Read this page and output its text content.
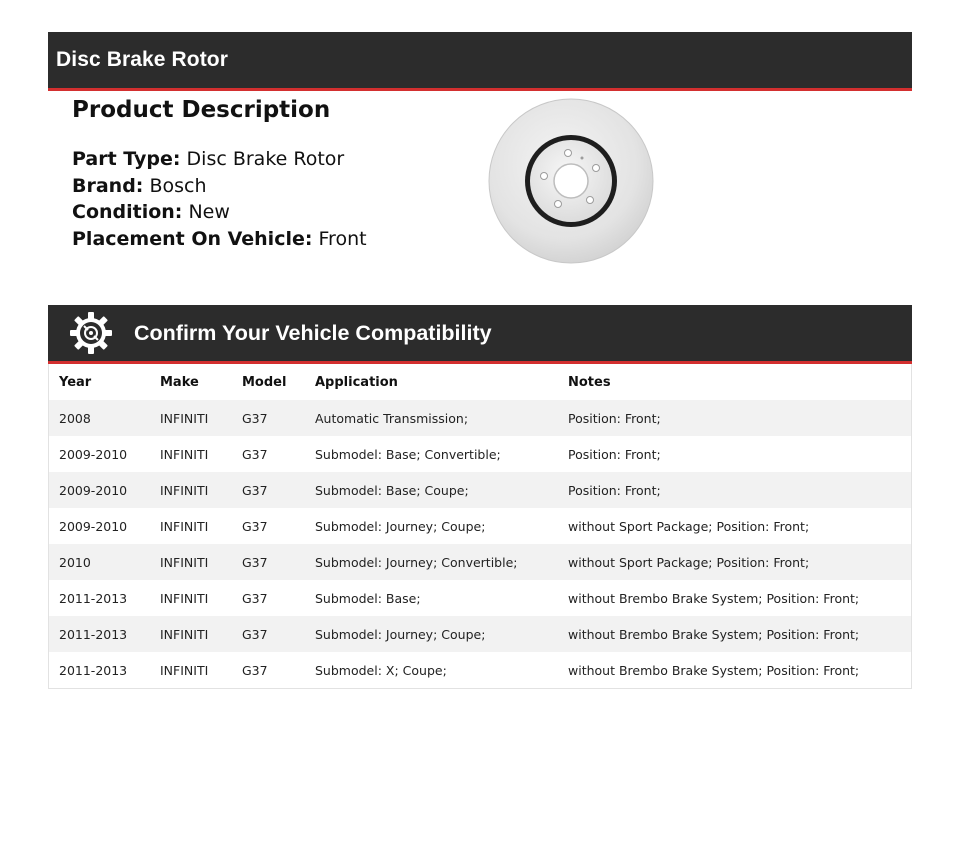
Disc Brake Rotor
Product Description
Part Type: Disc Brake Rotor
Brand: Bosch
Condition: New
Placement On Vehicle: Front
Confirm Your Vehicle Compatibility
Year	Make	Model	Application	Notes
2008	INFINITI	G37	Automatic Transmission;	Position: Front;
2009-2010	INFINITI	G37	Submodel: Base; Convertible;	Position: Front;
2009-2010	INFINITI	G37	Submodel: Base; Coupe;	Position: Front;
2009-2010	INFINITI	G37	Submodel: Journey; Coupe;	without Sport Package; Position: Front;
2010	INFINITI	G37	Submodel: Journey; Convertible;	without Sport Package; Position: Front;
2011-2013	INFINITI	G37	Submodel: Base;	without Brembo Brake System; Position: Front;
2011-2013	INFINITI	G37	Submodel: Journey; Coupe;	without Brembo Brake System; Position: Front;
2011-2013	INFINITI	G37	Submodel: X; Coupe;	without Brembo Brake System; Position: Front;
